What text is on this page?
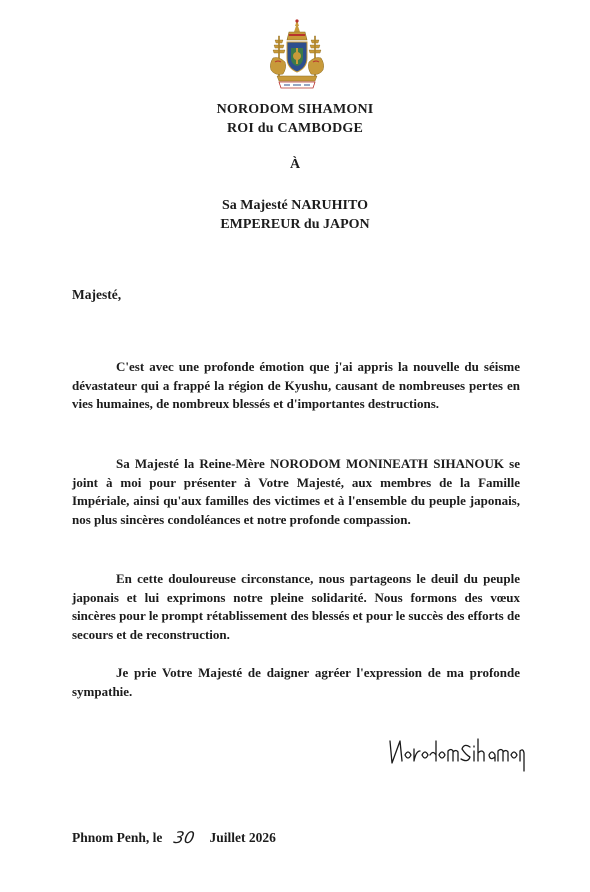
NORODOM SIHAMONI
ROI du CAMBODGE
À
Sa Majesté NARUHITO
EMPEREUR du JAPON
Majesté,

C'est avec une profonde émotion que j'ai appris la nouvelle du séisme dévastateur qui a frappé la région de Kyushu, causant de nombreuses pertes en vies humaines, de nombreux blessés et d'importantes destructions.

Sa Majesté la Reine-Mère NORODOM MONINEATH SIHANOUK se joint à moi pour présenter à Votre Majesté, aux membres de la Famille Impériale, ainsi qu'aux familles des victimes et à l'ensemble du peuple japonais, nos plus sincères condoléances et notre profonde compassion.

En cette douloureuse circonstance, nous partageons le deuil du peuple japonais et lui exprimons notre pleine solidarité. Nous formons des vœux sincères pour le prompt rétablissement des blessés et pour le succès des efforts de secours et de reconstruction.

Je prie Votre Majesté de daigner agréer l'expression de ma profonde sympathie.

Phnom Penh, le 30 Juillet 2026
